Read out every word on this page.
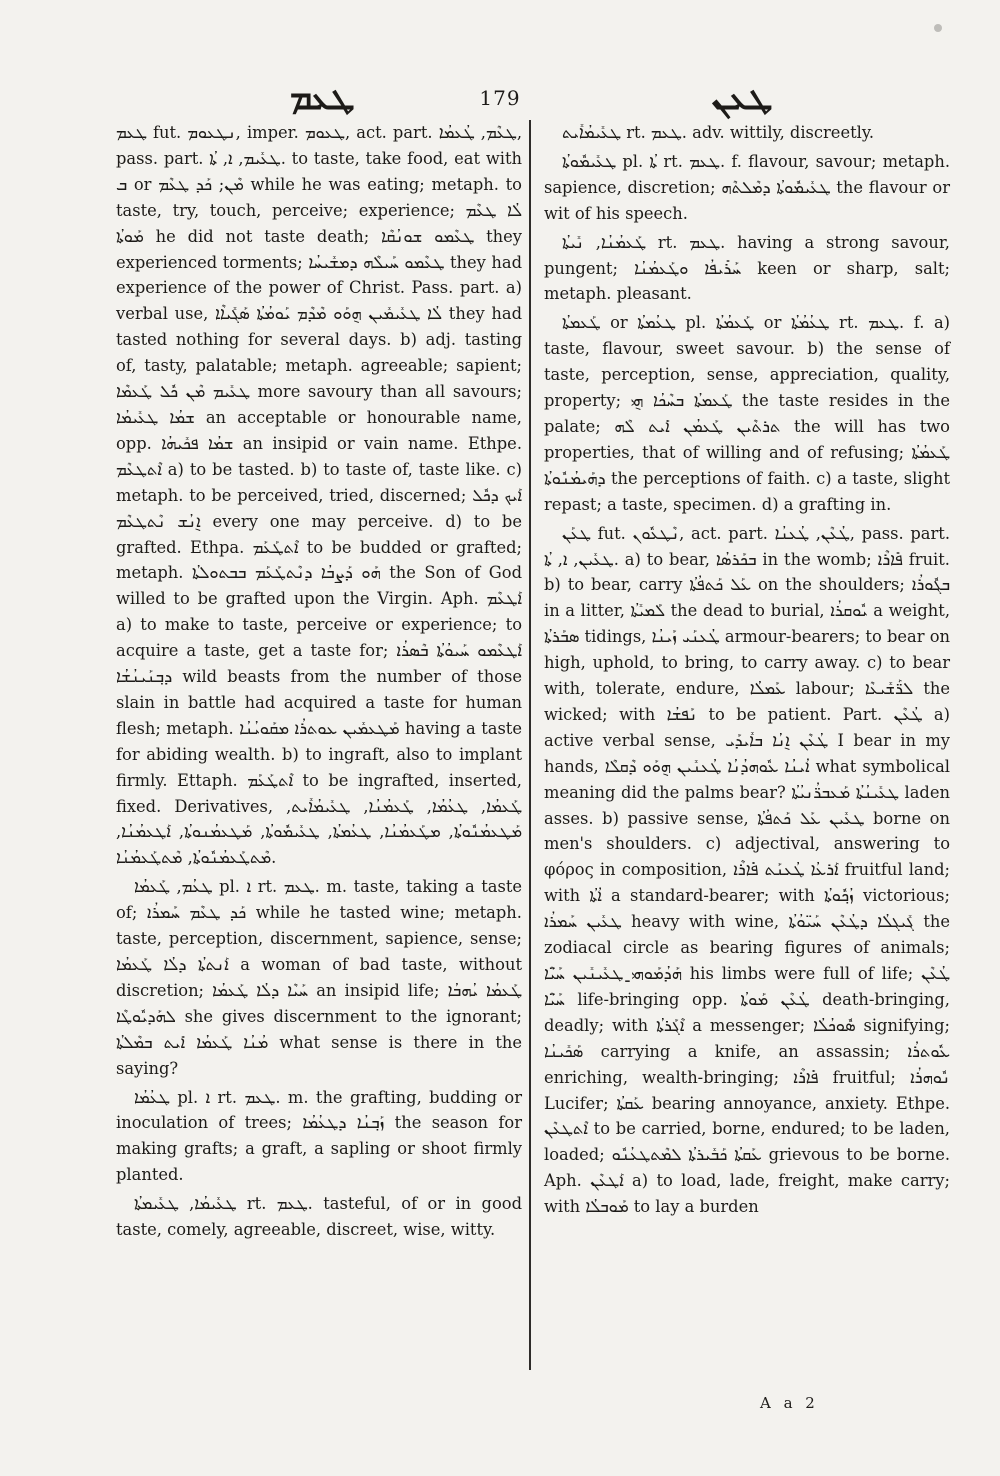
ܛܥܡ	179	ܛܥܢ

ܛܥܡ fut. ܢܛܥܘܡ, imper. ܛܥܘܡ, act. part. ܛܥܶܡ, ܛܳܥܡܳܐ, pass. part. ܛܥܺܝܡ, ܐ, ܬܳܐ. to taste, take food, eat with ܒ or ܡܶܢ; ܟܰܕ ܛܥܶܡ while he was eating; metaph. to taste, try, touch, perceive; experience; ܠܳܐ ܛܥܶܡ ܡܰܘܬܳܐ he did not taste death; ܛܥܶܡܘ ܫܘܢܳܩܶܐ they experienced torments; ܛܥܶܡܘ ܚܰܝܠܶܗ ܕܡܫܺܝܚܳܐ they had experience of the power of Christ. Pass. part. a) verbal use, ܠܳܐ ܛܥܺܝܡܺܝܢ ܗ݈ܘܰܘ ܡܶܕܶܡ ܝܰܘܡܳܬܳܐ ܣܰܓܺܝܐܶܐ they had tasted nothing for several days. b) adj. tasting of, tasty, palatable; metaph. agreeable; sapient; ܛܥܺܝܡ ܡܶܢ ܟܽܠ ܛܰܥܡܶܐ more savoury than all savours; ܫܡܳܐ ܛܥܺܝܡܳܐ an acceptable or honourable name, opp. ܫܡܳܐ ܦܟܺܝܗܳܐ an insipid or vain name. Ethpe. ܐܶܬܛܥܶܡ a) to be tasted. b) to taste of, taste like. c) metaph. to be perceived, tried, discerned; ܐܰܝܟ ܕܟܽܠ ܐ݈ܢܳܫ ܢܶܬܛܥܶܡ every one may perceive. d) to be grafted. Ethpa. ܐܶܬܛܰܥܰܡ to be budded or grafted; metaph. ܗܰܘ ܕܰܨܒܳܐ ܕܢܶܬܛܰܥܰܡ ܒܒܬܘܠܬܳܐ the Son of God willed to be grafted upon the Virgin. Aph. ܐܰܛܥܶܡ a) to make to taste, perceive or experience; to acquire a taste, get a taste for; ܐܰܛܥܶܡܘ ܚܰܝܘܳܬܳܐ ܒܶܣܪܳܐ ܕܒ݂ܢܰܝܢܳܫܳܐ wild beasts from the number of those slain in battle had acquired a taste for human flesh; metaph. ܡܰܛܥܡܺܝܢ ܥܘܬܪܳܐ ܡܩܰܘܝܳܢܳܐ having a taste for abiding wealth. b) to ingraft, also to implant firmly. Ettaph. ܐܶܬܛܰܥܰܡ to be ingrafted, inserted, fixed. Derivatives, ܛܰܥܡܳܐ, ܛܥܳܡܳܐ, ܛܰܥܡܳܢܳܐ, ܛܥܺܝܡܳܐܺܝܬ, ܡܰܛܥܡܳܢܽܘܬܳܐ, ܡܛܰܥܡܳܢܳܐ, ܛܥܳܡܬܳܐ, ܛܥܺܝܡܽܘܬܳܐ, ܡܰܛܥܡܳܢܘܬܳܐ, ܐܰܛܥܡܳܢܳܐ, ܡܶܬܛܰܥܡܳܢܽܘܬܳܐ, ܡܶܬܛܰܥܡܳܢܳܐ.

ܛܥܳܡ, ܛܰܥܡܳܐ pl. ܐ rt. ܛܥܡ. m. taste, taking a taste of; ܟܰܕ ܛܥܶܡ ܚܰܡܪܳܐ while he tasted wine; metaph. taste, perception, discernment, sapience, sense; ܐܰܢܬܬܳܐ ܕܠܳܐ ܛܰܥܡܳܐ a woman of bad taste, without discretion; ܚܰܝܶܐ ܕܠܳܐ ܛܰܥܡܳܐ an insipid life; ܛܰܥܡܳܐ ܝܳܗܒܳܐ ܠܗܰܕܝܽܘܛܶܐ she gives discernment to the ignorant; ܡܳܢܳܐ ܛܰܥܡܳܐ ܐܺܝܬ ܒܡܶܠܬܳܐ what sense is there in the saying?

ܛܥܳܡܳܐ pl. ܐ rt. ܛܥܡ. m. the grafting, budding or inoculation of trees; ܙܰܒ݂ܢܳܐ ܕܛܥܳܡܳܐ the season for making grafts; a graft, a sapling or shoot firmly planted.

ܛܥܺܝܡܳܐ, ܛܥܺܝܡܬܳܐ rt. ܛܥܡ. tasteful, of or in good taste, comely, agreeable, discreet, wise, witty.

ܛܥܺܝܡܳܐܺܝܬ rt. ܛܥܡ. adv. wittily, discreetly.

ܛܥܺܝܡܽܘܬܳܐ pl. ܬܳܐ rt. ܛܥܡ. f. flavour, savour; metaph. sapience, discretion; ܛܥܺܝܡܽܘܬܳܐ ܕܡܶܠܬܶܗ the flavour or wit of his speech.

ܛܰܥܡܳܢܳܐ, ܢܺܝܬܳܐ rt. ܛܥܡ. having a strong savour, pungent; ܚܰܪܺܝܦܳܐ ܘܛܰܥܡܳܢܳܐ keen or sharp, salt; metaph. pleasant.

ܛܰܥܡܬܳܐ or ܛܥܳܡܬܳܐ pl. ܛܰܥܡܳܬܳܐ or ܛܥܳܡܳܬܳܐ rt. ܛܥܡ. f. a) taste, flavour, sweet savour. b) the sense of taste, perception, sense, appreciation, quality, property; ܛܰܥܡܬܳܐ ܒܚܶܟܳܐ ܗ݈ܝ the taste resides in the palate; ܬܪܬܶܝܢ ܛܰܥܡܳܢ ܐܺܝܬ ܠܶܗ the will has two properties, that of willing and of refusing; ܛܰܥܡܳܬܳܐ ܕܗܰܝܡܳܢܽܘܬܳܐ the perceptions of faith. c) a taste, slight repast; a taste, specimen. d) a grafting in.

ܛܥܰܢ fut. ܢܶܛܥܽܘܢ, act. part. ܛܳܥܶܢ, ܛܳܥܢܳܐ, pass. part. ܛܥܺܝܢ, ܐ, ܬܳܐ. a) to bear, ܒܟܰܪܣܳܐ in the womb; ܦܺܐܪܶܐ fruit. b) to bear, carry ܥܰܠ ܟܰܬܦܳܬܳܐ on the shoulders; ܒܓܽܘܪܳܐ in a litter, ܠܰܡܝܺܬܳܐ the dead to burial, ܝܽܘܩܪܳܐ a weight, ܣܒܰܪܬܳܐ tidings, ܛܳܥܢܰܝ ܙܰܝܢܳܐ armour-bearers; to bear on high, uphold, to bring, to carry away. c) to bear with, tolerate, endure, ܥܰܡܠܳܐ labour; ܠܪ̈ܰܫܺܝܥܶܐ the wicked; with ܢܰܦܫܳܐ to be patient. Part. ܛܳܥܶܢ a) active verbal sense, ܛܳܥܶܢ ܐ݈ܢܳܐ ܒܐܺܝܕܰܝ I bear in my hands, ܐܳܝܢܳܐ ܥܽܘܗܕܳܢܳܐ ܛܳܥܢܺܝܢ ܗ݈ܘܰܘ ܕܶܩܠܶܐ what symbolical meaning did the palms bear? ܛܥܺܝܢܳܬܳܐ ܡܰܥܒܪ̈ܳܢܝܳܬܳܐ laden asses. b) passive sense, ܛܥܺܝܢ ܥܰܠ ܟܰܬܦܳܬܳܐ borne on men's shoulders. c) adjectival, answering to φόρος in composition, ܐܰܪܥܳܐ ܛܳܥܢܰܬ ܦܺܐܪܶܐ fruitful land; with ܐܳܬܳܐ a standard-bearer; with ܙܳܟ݂ܽܘܬܳܐ victorious; ܛܥܺܝܢ ܚܰܡܪܳܐ heavy with wine, ܓܺܝܓܠܳܐ ܕܛܳܥܶܢ ܚܰܝ̈ܘܳܬܳܐ the zodiacal circle as bearing figures of animals; ܗܰܕܳܡܰܘܗ̱ܝ ܛܥܺܝܢܺܝܢ ܚܰܝ̈ܶܐ his limbs were full of life; ܛܳܥܶܢ ܚܰܝ̈ܶܐ life-bringing opp. ܛܳܥܶܢ ܡܰܘܬܳܐ death-bringing, deadly; with ܐܶܓܰܪܬܳܐ a messenger; ܣܽܘܟܳܠܳܐ signifying; ܣܰܟܺܝܢܳܐ carrying a knife, an assassin; ܥܽܘܬܪܳܐ enriching, wealth-bringing; ܦܺܐܪܶܐ fruitful; ܢܽܘܗܪܳܐ Lucifer; ܥܰܩܬܳܐ bearing annoyance, anxiety. Ethpe. ܐܶܬܛܥܶܢ to be carried, borne, endured; to be laden, loaded; ܥܰܩܬܳܐ ܟܰܒܺܝܪܬܳܐ ܠܡܶܬܛܥܳܢܽܘ grievous to be borne. Aph. ܐܰܛܥܶܢ a) to load, lade, freight, make carry; with ܡܰܘܒܠܳܐ to lay a burden

A a 2
